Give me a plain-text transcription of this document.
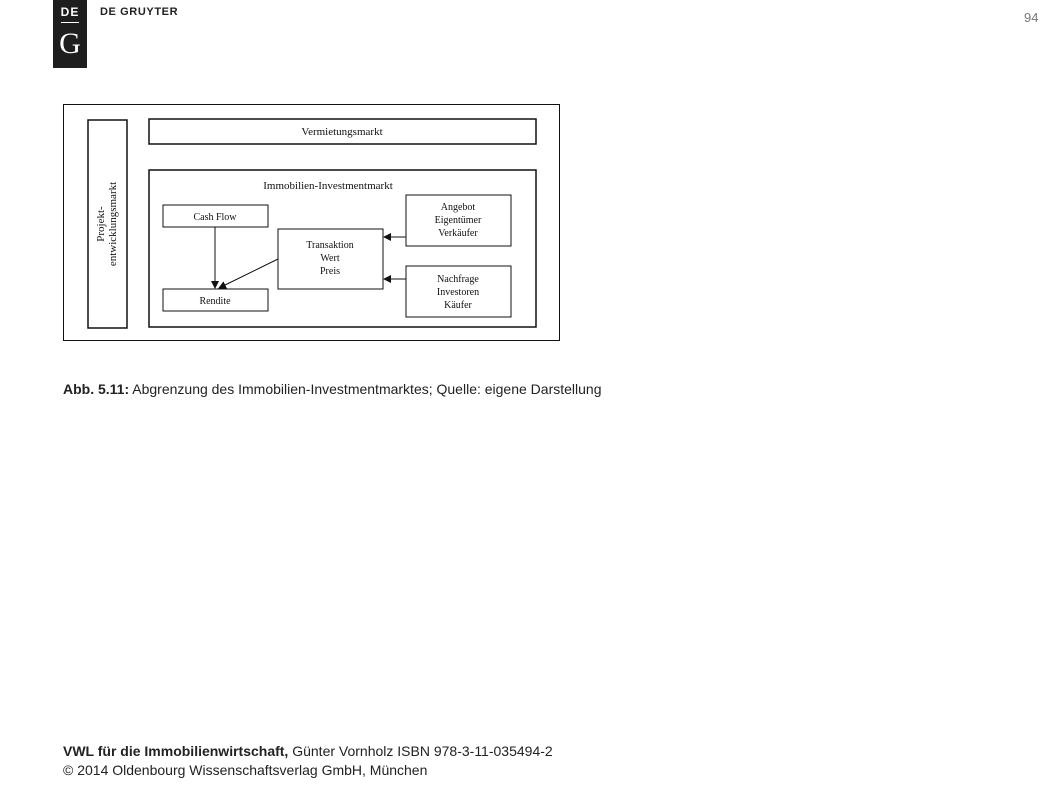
DE
G
DE GRUYTER	94
Projekt- entwicklungsmarkt
Vermietungsmarkt
Immobilien-Investmentmarkt
Cash Flow
Rendite
Transaktion
Wert
Preis
Angebot
Eigentümer
Verkäufer
Nachfrage
Investoren
Käufer
Abb. 5.11: Abgrenzung des Immobilien-Investmentmarktes; Quelle: eigene Darstellung
VWL für die Immobilienwirtschaft, Günter Vornholz ISBN 978-3-11-035494-2
© 2014 Oldenbourg Wissenschaftsverlag GmbH, München
